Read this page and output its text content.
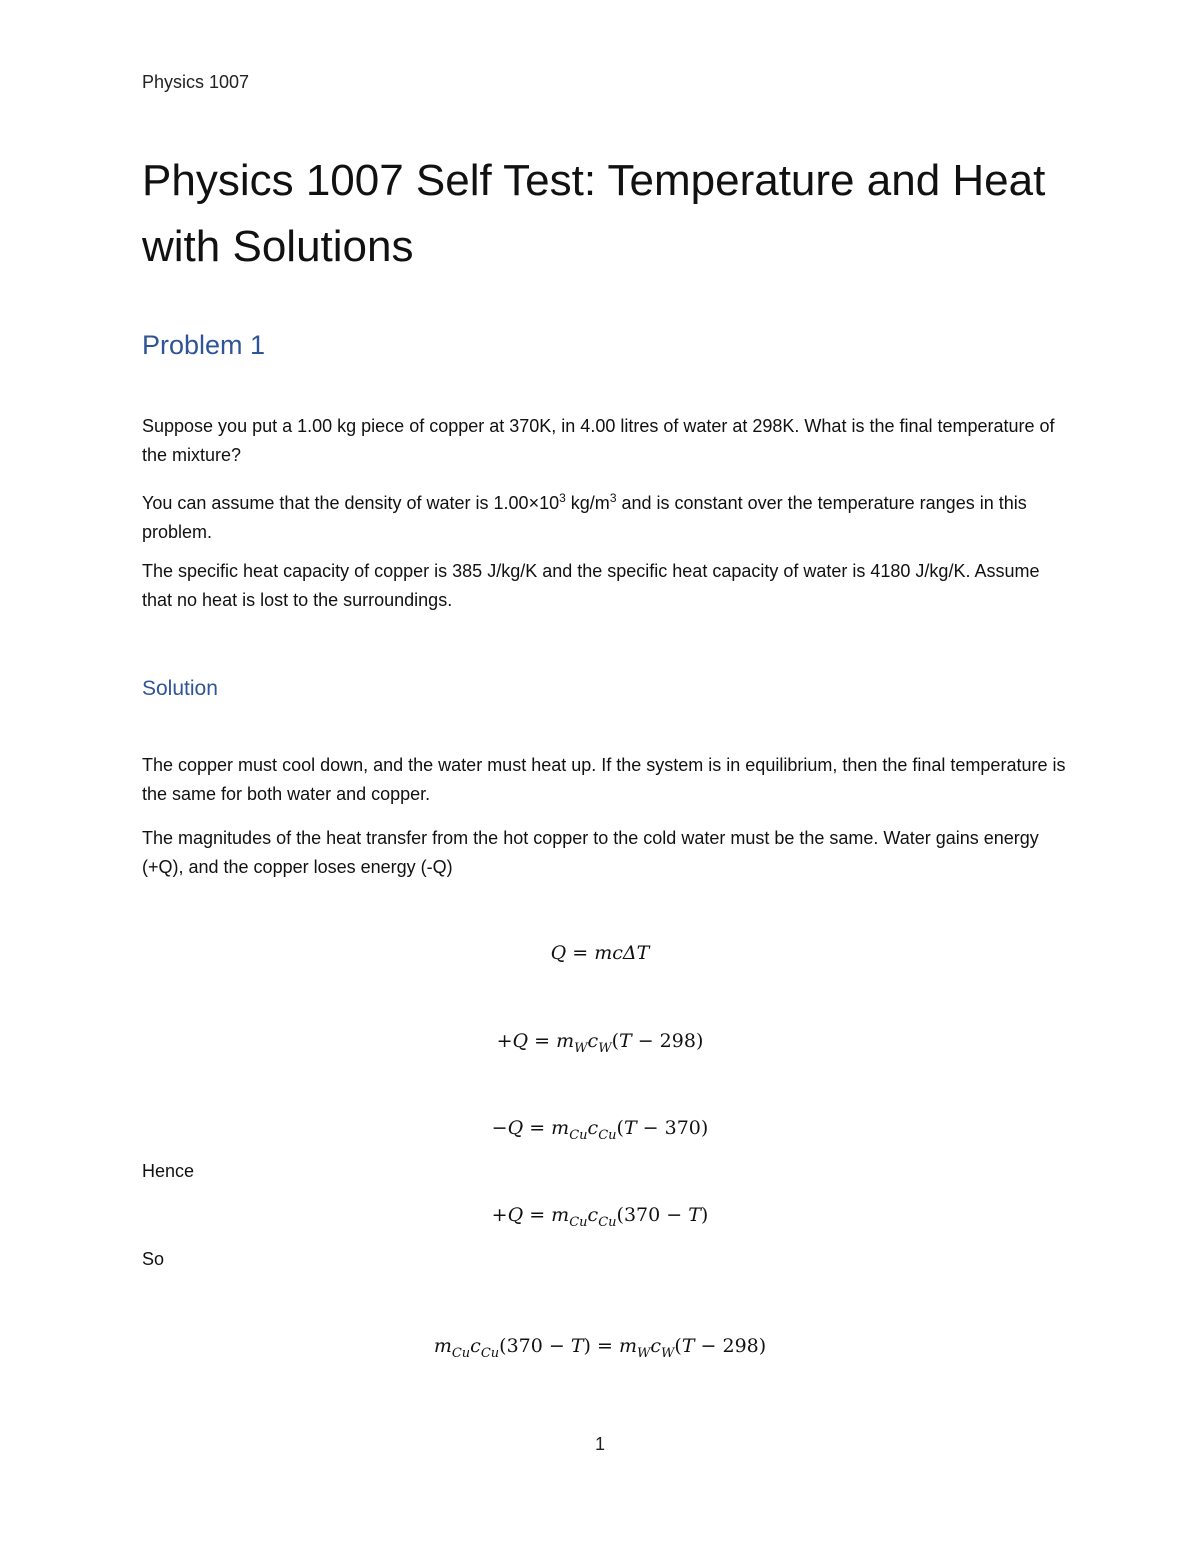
Physics 1007
Physics 1007 Self Test: Temperature and Heat with Solutions
Problem 1

Suppose you put a 1.00 kg piece of copper at 370K, in 4.00 litres of water at 298K. What is the final temperature of the mixture?

You can assume that the density of water is $1.00\times 10^3$ $kg/m^3$ and is constant over the temperature ranges in this problem.

The specific heat capacity of copper is 385 J/kg/K and the specific heat capacity of water is 4180 J/kg/K. Assume that no heat is lost to the surroundings.

Solution

The copper must cool down, and the water must heat up. If the system is in equilibrium, then the final temperature is the same for both water and copper.

The magnitudes of the heat transfer from the hot copper to the cold water must be the same. Water gains energy (+Q), and the copper loses energy (-Q)

Q = mcΔT
$+Q = m_Wc_W(T - 298)$
$-Q = m_{Cu}c_{Cu}(T - 370)$
Hence
$+Q = m_{Cu}c_{Cu}(370 - T)$
So
$m_{Cu}c_{Cu}(370 - T) = m_Wc_W(T - 298)$
1
